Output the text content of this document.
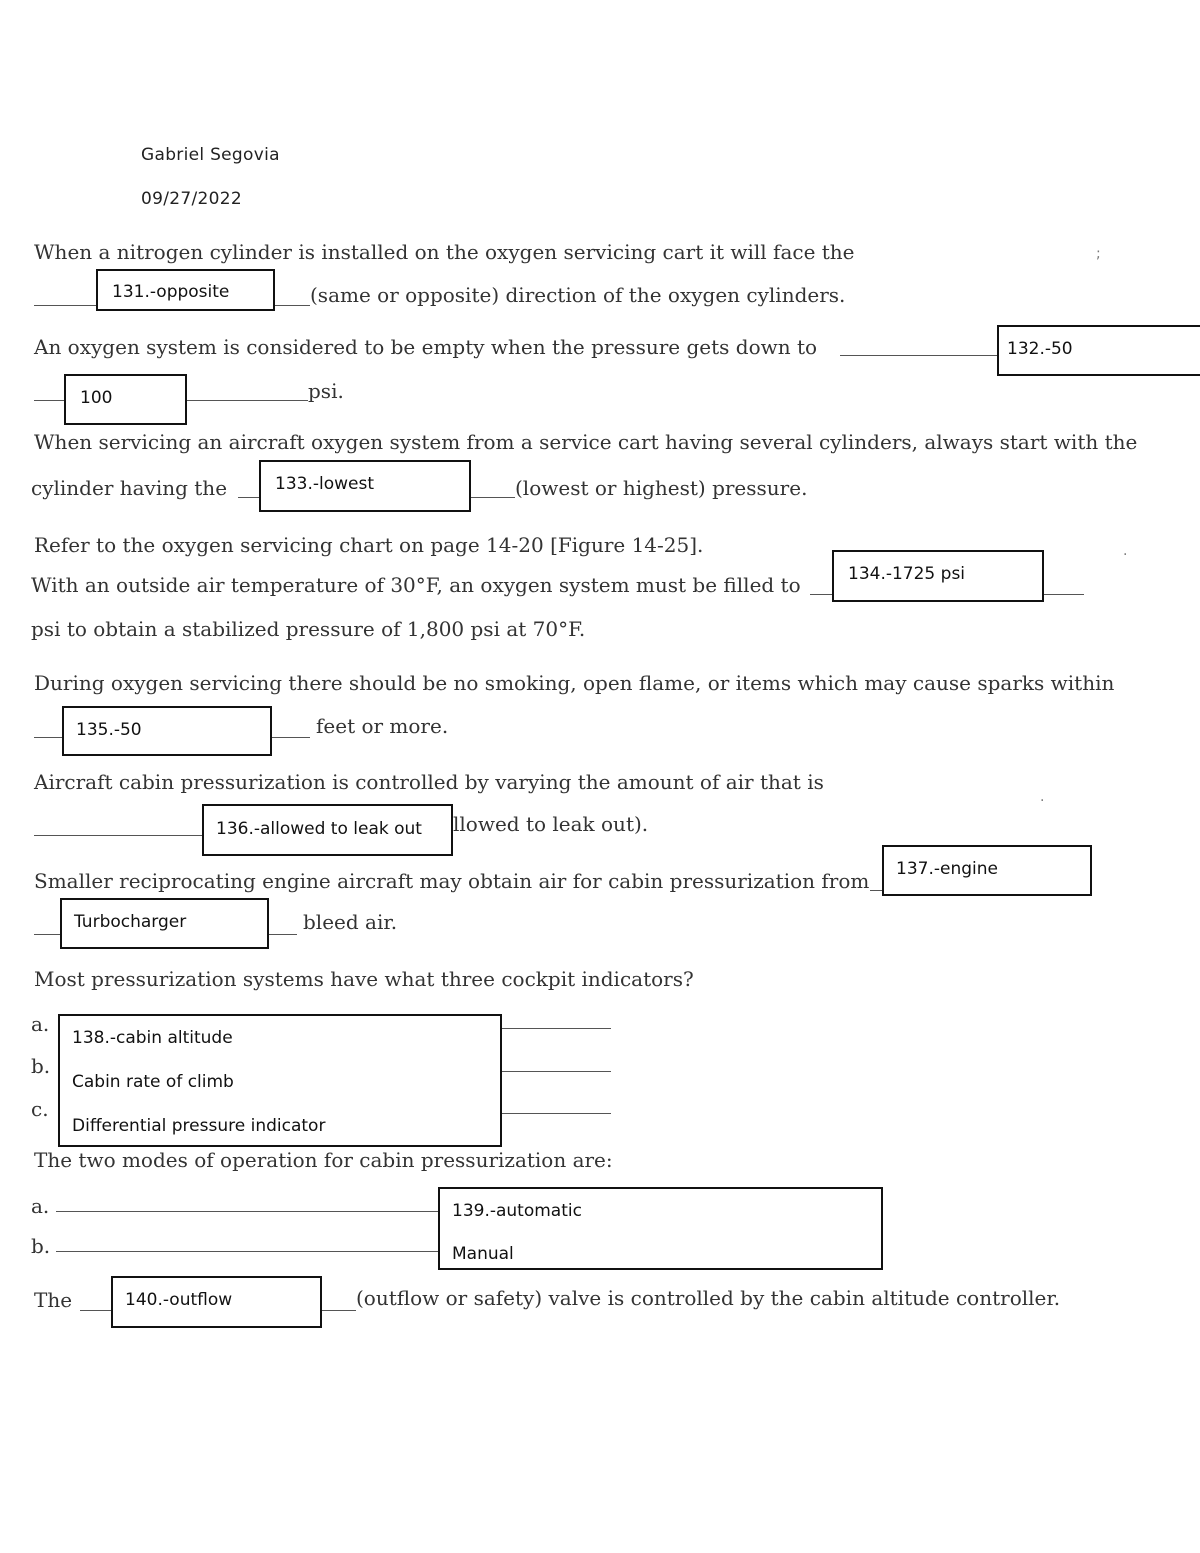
Gabriel Segovia
09/27/2022
When a nitrogen cylinder is installed on the oxygen servicing cart it will face the	;
131.-opposite	(same or opposite) direction of the oxygen cylinders.
An oxygen system is considered to be empty when the pressure gets down to	132.-50
100	psi.
When servicing an aircraft oxygen system from a service cart having several cylinders, always start with the
cylinder having the	133.-lowest	(lowest or highest) pressure.
Refer to the oxygen servicing chart on page 14-20 [Figure 14-25].
With an outside air temperature of 30°F, an oxygen system must be filled to	134.-1725 psi
·
psi to obtain a stabilized pressure of 1,800 psi at 70°F.
During oxygen servicing there should be no smoking, open flame, or items which may cause sparks within
135.-50	feet or more.
Aircraft cabin pressurization is controlled by varying the amount of air that is
·
136.-allowed to leak out llowed to leak out).
Smaller reciprocating engine aircraft may obtain air for cabin pressurization from 137.-engine
Turbocharger	bleed air.
Most pressurization systems have what three cockpit indicators?
a.
b.
c.
138.-cabin altitude
Cabin rate of climb
Differential pressure indicator
The two modes of operation for cabin pressurization are:
a.
b.
139.-automatic
Manual
The	140.-outflow	(outflow or safety) valve is controlled by the cabin altitude controller.
